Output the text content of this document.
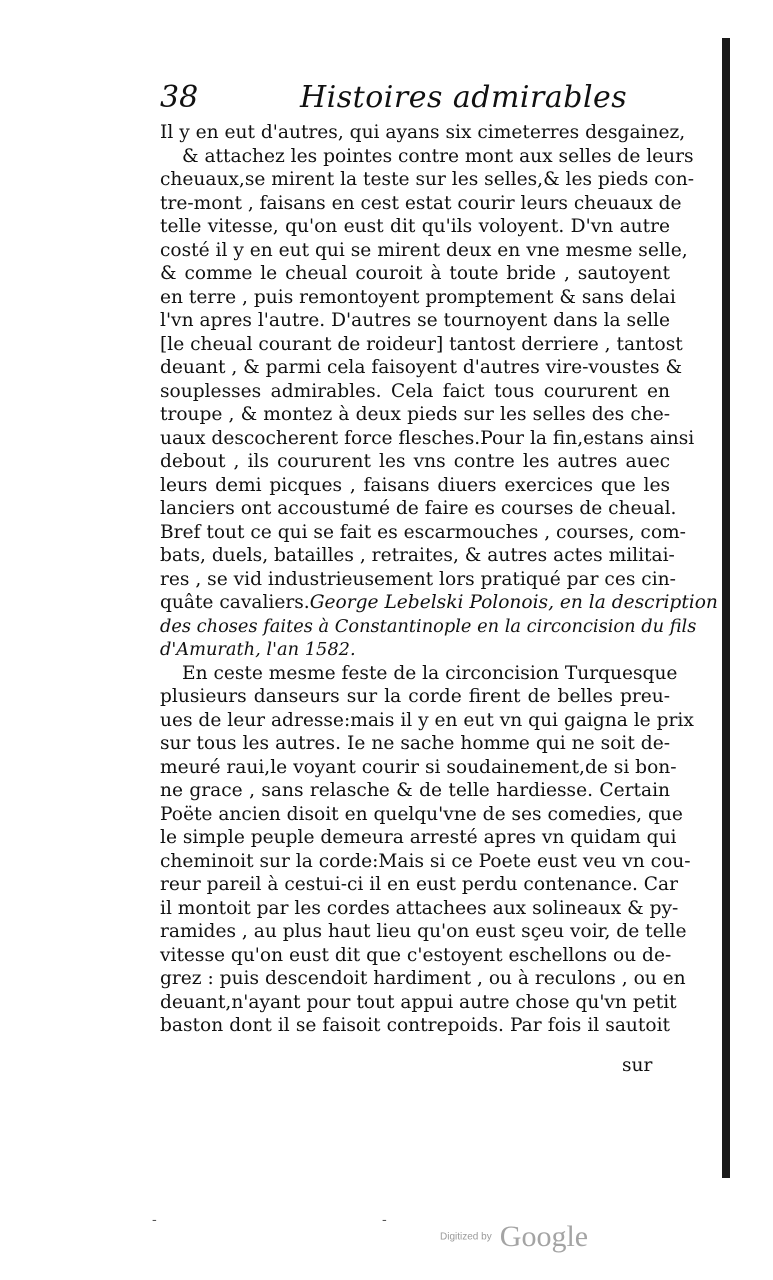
38	Histoires admirables
Il y en eut d'autres, qui ayans six cimeterres desgainez,
& attachez les pointes contre mont aux selles de leurs
cheuaux,se mirent la teste sur les selles,& les pieds con-
tre-mont , faisans en cest estat courir leurs cheuaux de
telle vitesse, qu'on eust dit qu'ils voloyent. D'vn autre
costé il y en eut qui se mirent deux en vne mesme selle,
& comme le cheual couroit à toute bride , sautoyent
en terre , puis remontoyent promptement & sans delai
l'vn apres l'autre. D'autres se tournoyent dans la selle
[le cheual courant de roideur] tantost derriere , tantost
deuant , & parmi cela faisoyent d'autres vire-voustes &
souplesses admirables. Cela faict tous coururent en
troupe , & montez à deux pieds sur les selles des che-
uaux descocherent force flesches.Pour la fin,estans ainsi
debout , ils coururent les vns contre les autres auec
leurs demi picques , faisans diuers exercices que les
lanciers ont accoustumé de faire es courses de cheual.
Bref tout ce qui se fait es escarmouches , courses, com-
bats, duels, batailles , retraites, & autres actes militai-
res , se vid industrieusement lors pratiqué par ces cin-
quâte cavaliers.George Lebelski Polonois, en la description
des choses faites à Constantinople en la circoncision du fils
d'Amurath, l'an 1582.
En ceste mesme feste de la circoncision Turquesque
plusieurs danseurs sur la corde firent de belles preu-
ues de leur adresse:mais il y en eut vn qui gaigna le prix
sur tous les autres. Ie ne sache homme qui ne soit de-
meuré raui,le voyant courir si soudainement,de si bon-
ne grace , sans relasche & de telle hardiesse. Certain
Poëte ancien disoit en quelqu'vne de ses comedies, que
le simple peuple demeura arresté apres vn quidam qui
cheminoit sur la corde:Mais si ce Poete eust veu vn cou-
reur pareil à cestui-ci il en eust perdu contenance. Car
il montoit par les cordes attachees aux solineaux & py-
ramides , au plus haut lieu qu'on eust sçeu voir, de telle
vitesse qu'on eust dit que c'estoyent eschellons ou de-
grez : puis descendoit hardiment , ou à reculons , ou en
deuant,n'ayant pour tout appui autre chose qu'vn petit
baston dont il se faisoit contrepoids. Par fois il sautoit
sur
-	-
Digitized by Google
